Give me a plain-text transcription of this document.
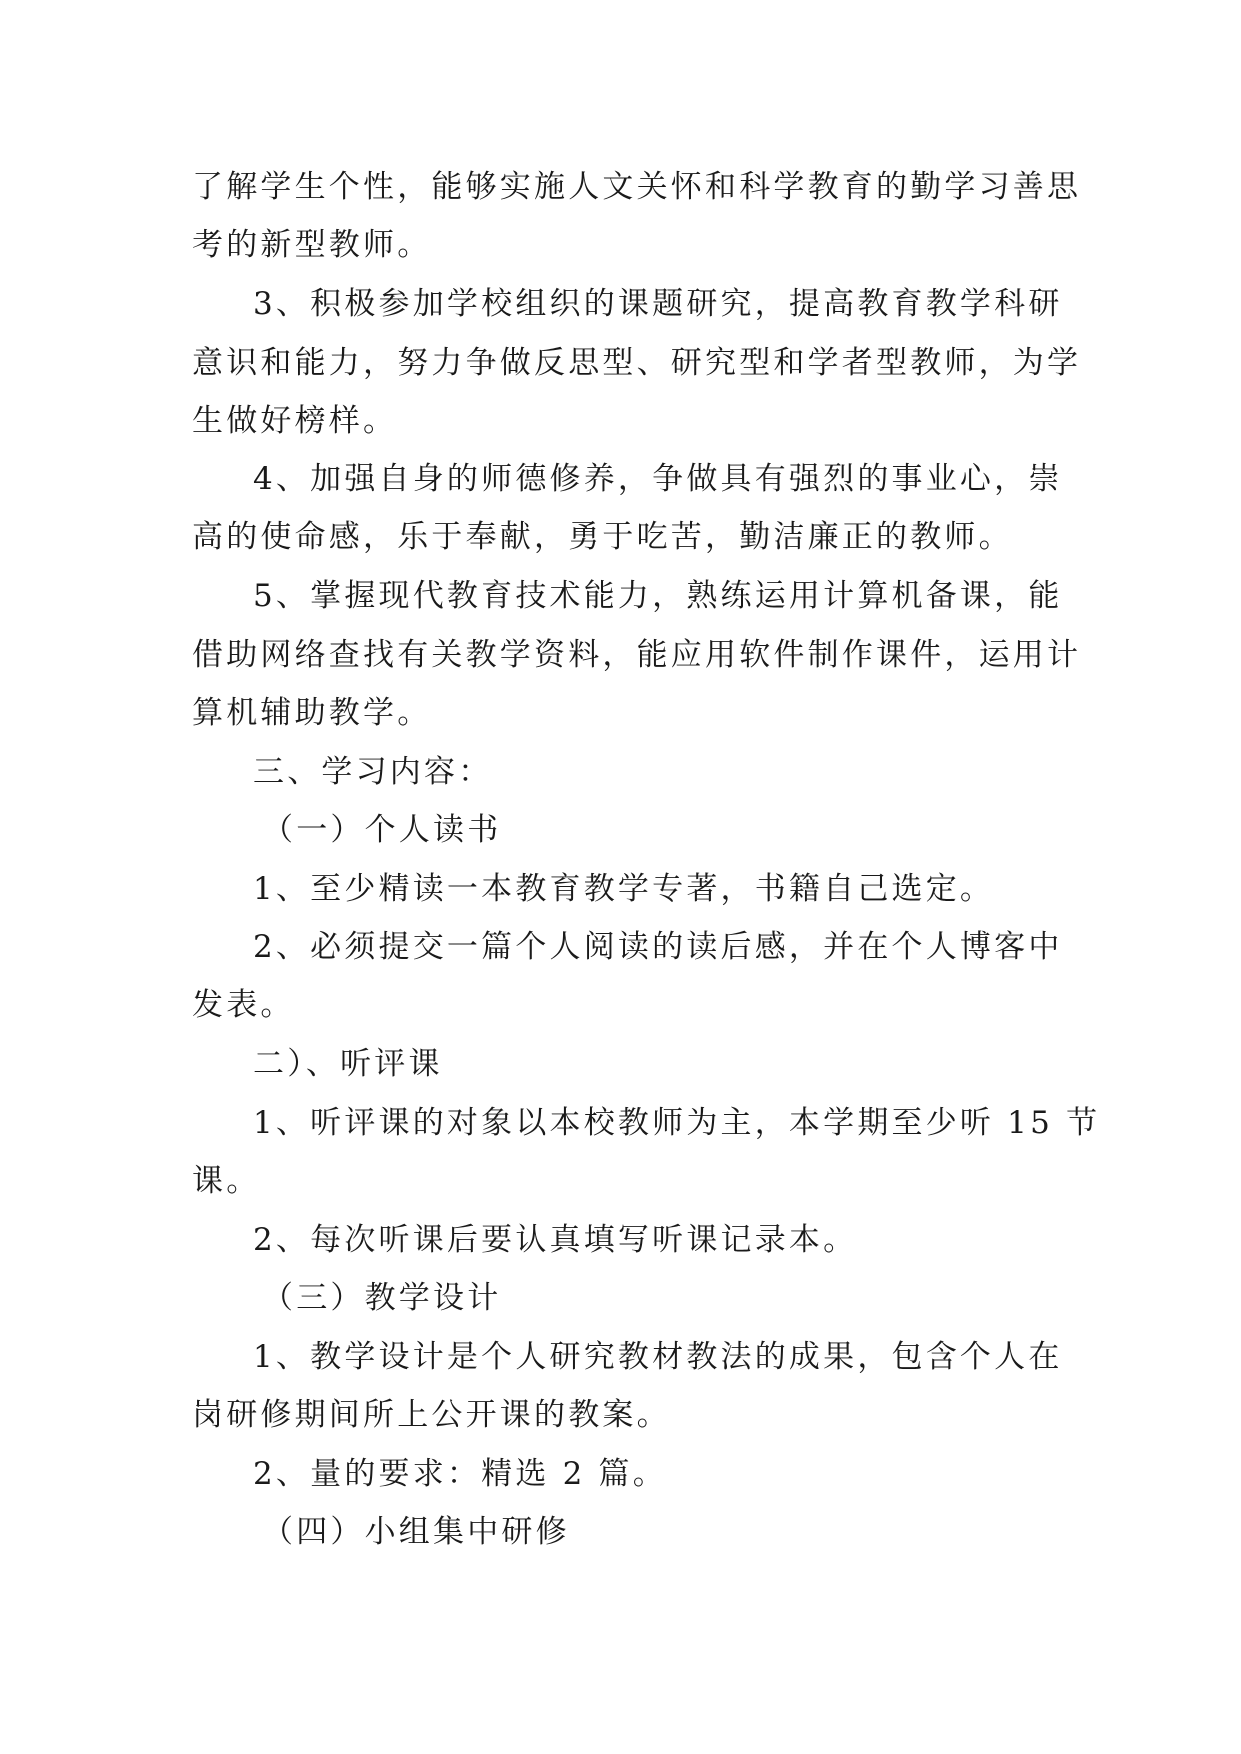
了解学生个性，能够实施人文关怀和科学教育的勤学习善思
考的新型教师。
3、积极参加学校组织的课题研究，提高教育教学科研
意识和能力，努力争做反思型、研究型和学者型教师，为学
生做好榜样。
4、加强自身的师德修养，争做具有强烈的事业心，崇
高的使命感，乐于奉献，勇于吃苦，勤洁廉正的教师。
5、掌握现代教育技术能力，熟练运用计算机备课，能
借助网络查找有关教学资料，能应用软件制作课件，运用计
算机辅助教学。
三、学习内容：
（一）个人读书
1、至少精读一本教育教学专著，书籍自己选定。
2、必须提交一篇个人阅读的读后感，并在个人博客中
发表。
二）、听评课
1、听评课的对象以本校教师为主，本学期至少听 15 节
课。
2、每次听课后要认真填写听课记录本。
（三）教学设计
1、教学设计是个人研究教材教法的成果，包含个人在
岗研修期间所上公开课的教案。
2、量的要求：精选 2 篇。
（四）小组集中研修
